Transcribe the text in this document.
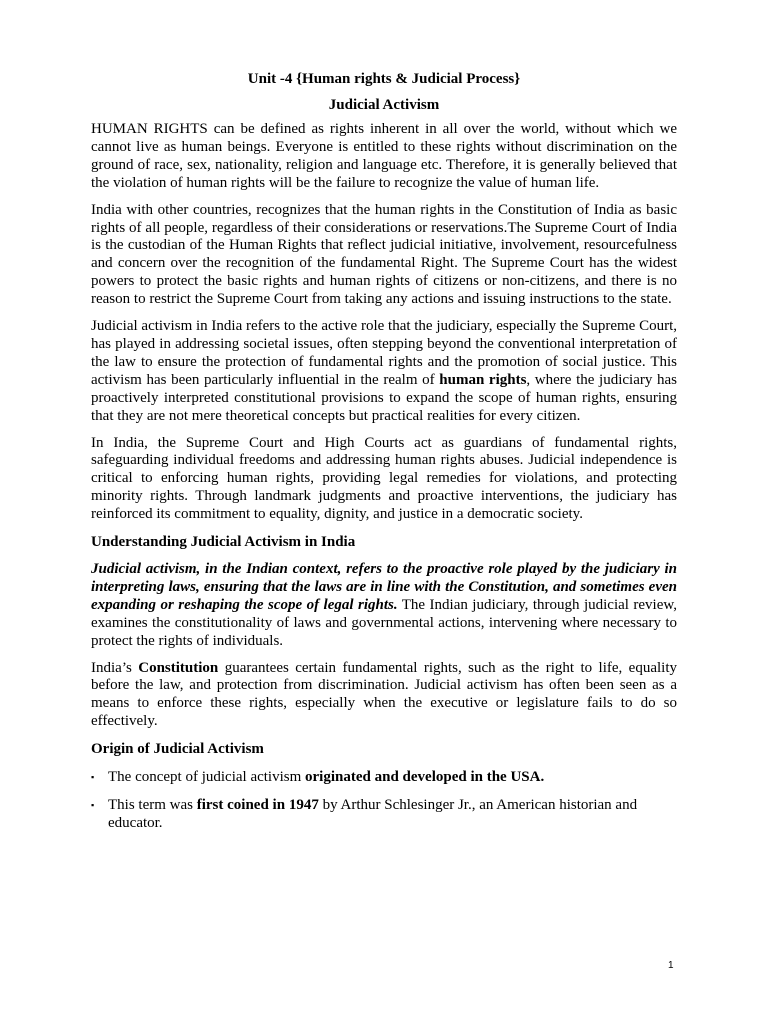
Unit -4 {Human rights & Judicial Process}
Judicial Activism

HUMAN RIGHTS can be defined as rights inherent in all over the world, without which we cannot live as human beings. Everyone is entitled to these rights without discrimination on the ground of race, sex, nationality, religion and language etc. Therefore, it is generally believed that the violation of human rights will be the failure to recognize the value of human life.

India with other countries, recognizes that the human rights in the Constitution of India as basic rights of all people, regardless of their considerations or reservations.The Supreme Court of India is the custodian of the Human Rights that reflect judicial initiative, involvement, resourcefulness and concern over the recognition of the fundamental Right. The Supreme Court has the widest powers to protect the basic rights and human rights of citizens or non-citizens, and there is no reason to restrict the Supreme Court from taking any actions and issuing instructions to the state.

Judicial activism in India refers to the active role that the judiciary, especially the Supreme Court, has played in addressing societal issues, often stepping beyond the conventional interpretation of the law to ensure the protection of fundamental rights and the promotion of social justice. This activism has been particularly influential in the realm of human rights, where the judiciary has proactively interpreted constitutional provisions to expand the scope of human rights, ensuring that they are not mere theoretical concepts but practical realities for every citizen.

In India, the Supreme Court and High Courts act as guardians of fundamental rights, safeguarding individual freedoms and addressing human rights abuses. Judicial independence is critical to enforcing human rights, providing legal remedies for violations, and protecting minority rights. Through landmark judgments and proactive interventions, the judiciary has reinforced its commitment to equality, dignity, and justice in a democratic society.

Understanding Judicial Activism in India

Judicial activism, in the Indian context, refers to the proactive role played by the judiciary in interpreting laws, ensuring that the laws are in line with the Constitution, and sometimes even expanding or reshaping the scope of legal rights. The Indian judiciary, through judicial review, examines the constitutionality of laws and governmental actions, intervening where necessary to protect the rights of individuals.

India’s Constitution guarantees certain fundamental rights, such as the right to life, equality before the law, and protection from discrimination. Judicial activism has often been seen as a means to enforce these rights, especially when the executive or legislature fails to do so effectively.

Origin of Judicial Activism
▪ The concept of judicial activism originated and developed in the USA.
▪ This term was first coined in 1947 by Arthur Schlesinger Jr., an American historian and educator.
1
